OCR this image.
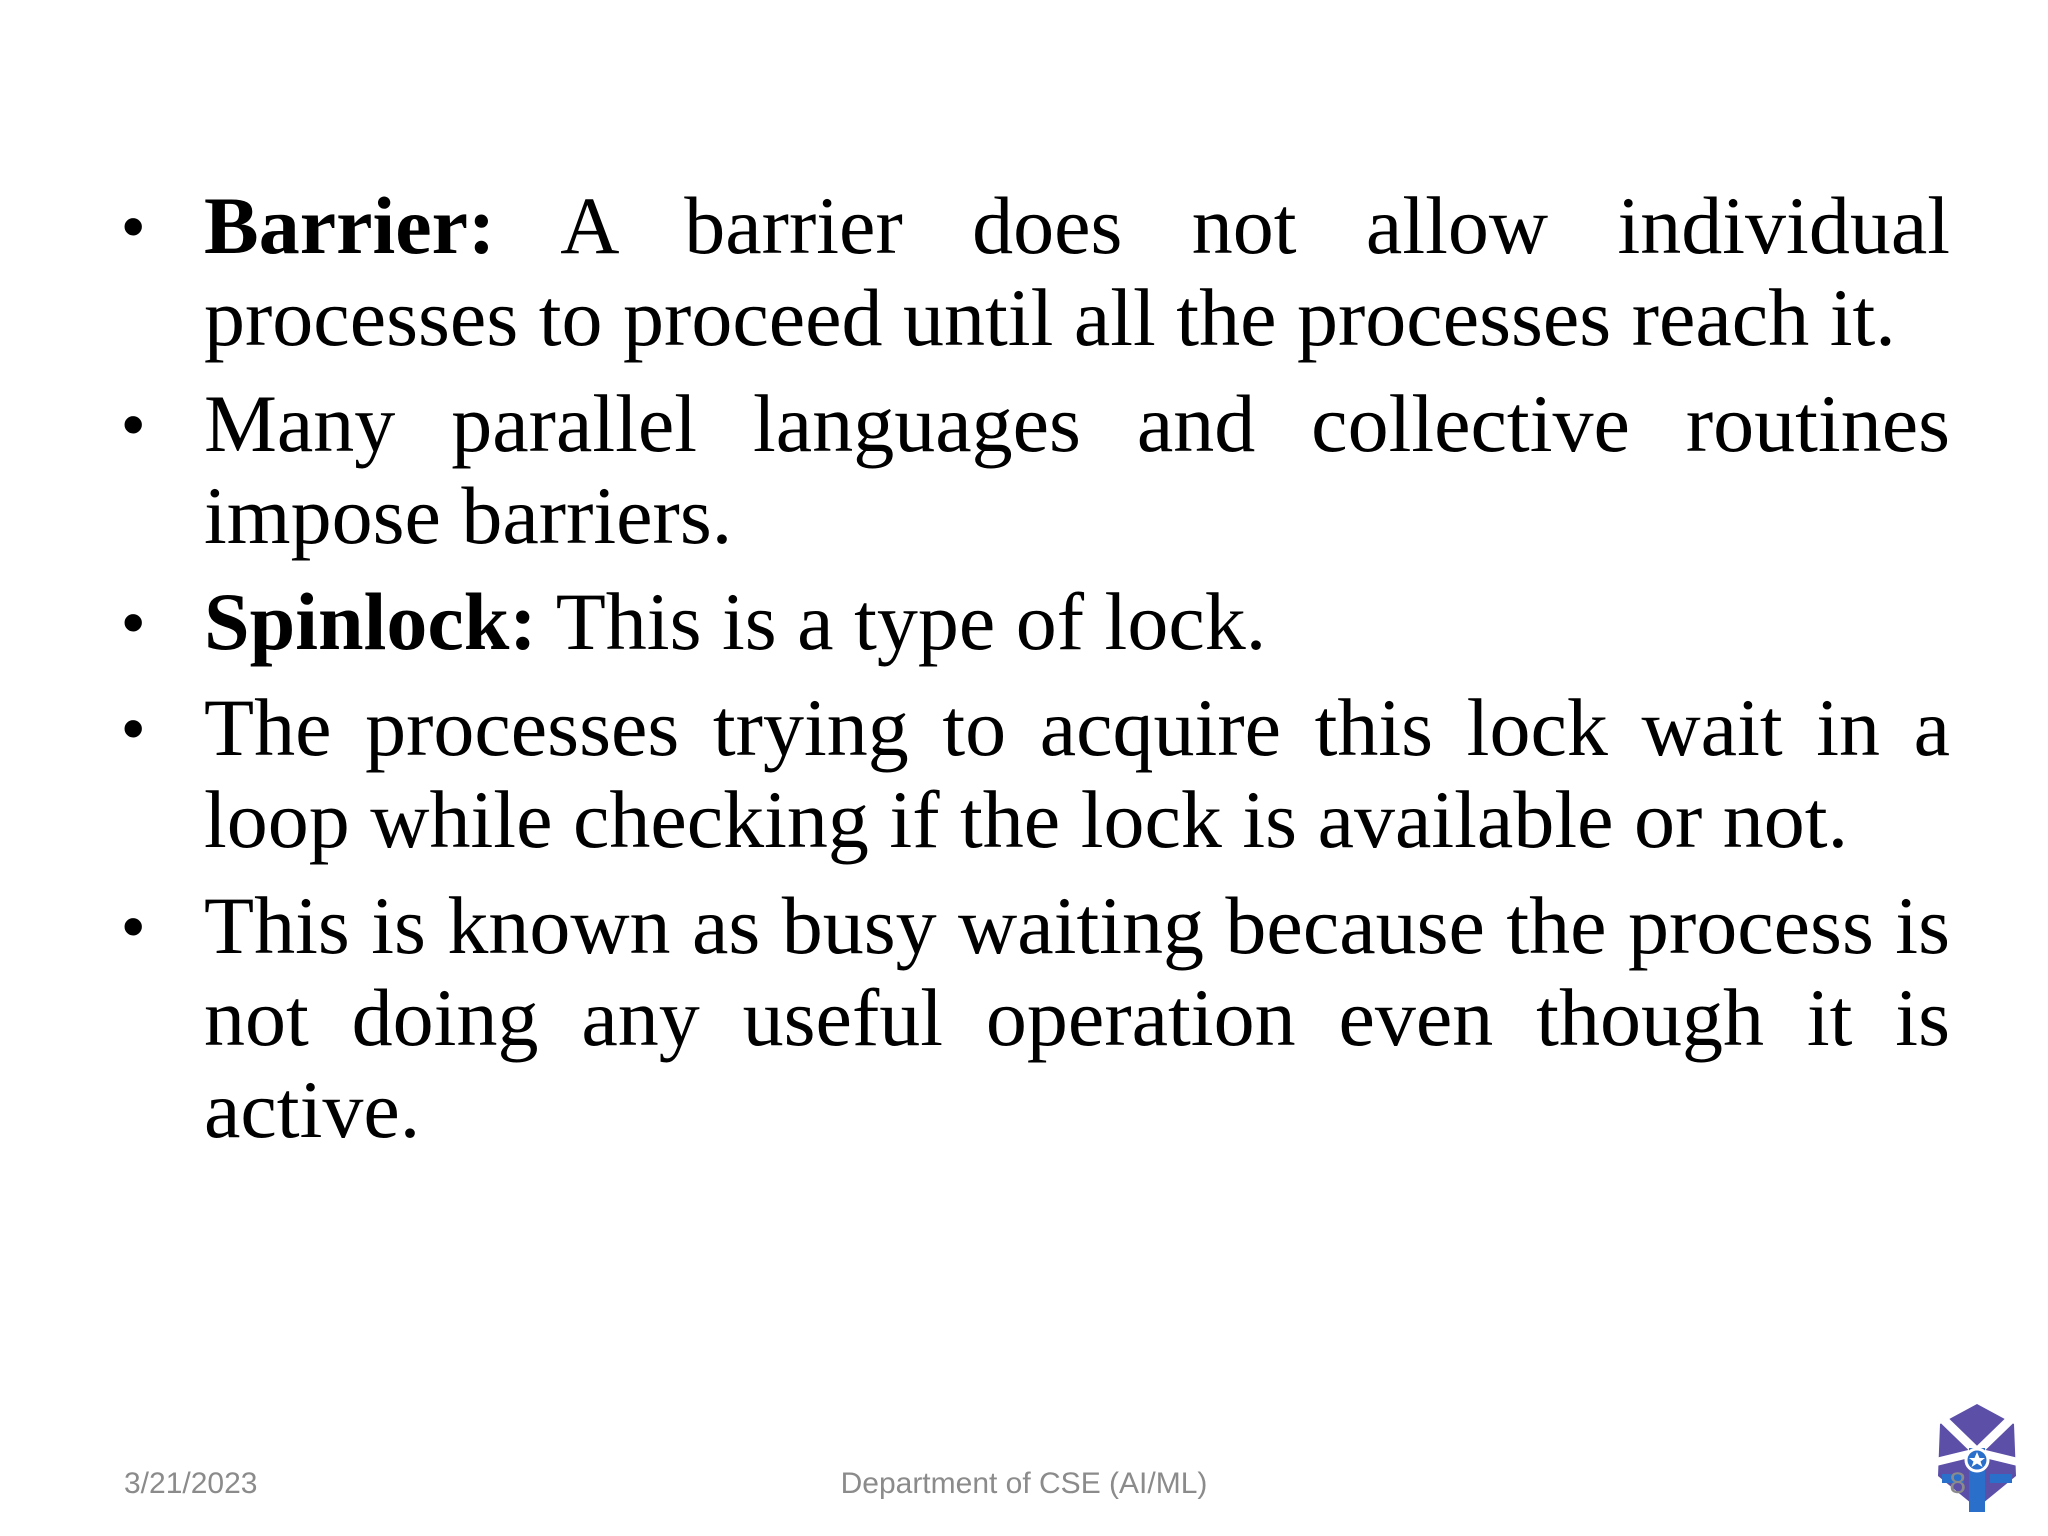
• Barrier: A barrier does not allow individual processes to proceed until all the processes reach it.
• Many parallel languages and collective routines impose barriers.
• Spinlock: This is a type of lock.
• The processes trying to acquire this lock wait in a loop while checking if the lock is available or not.
• This is known as busy waiting because the process is not doing any useful operation even though it is active.
3/21/2023	Department of CSE (AI/ML)	8
